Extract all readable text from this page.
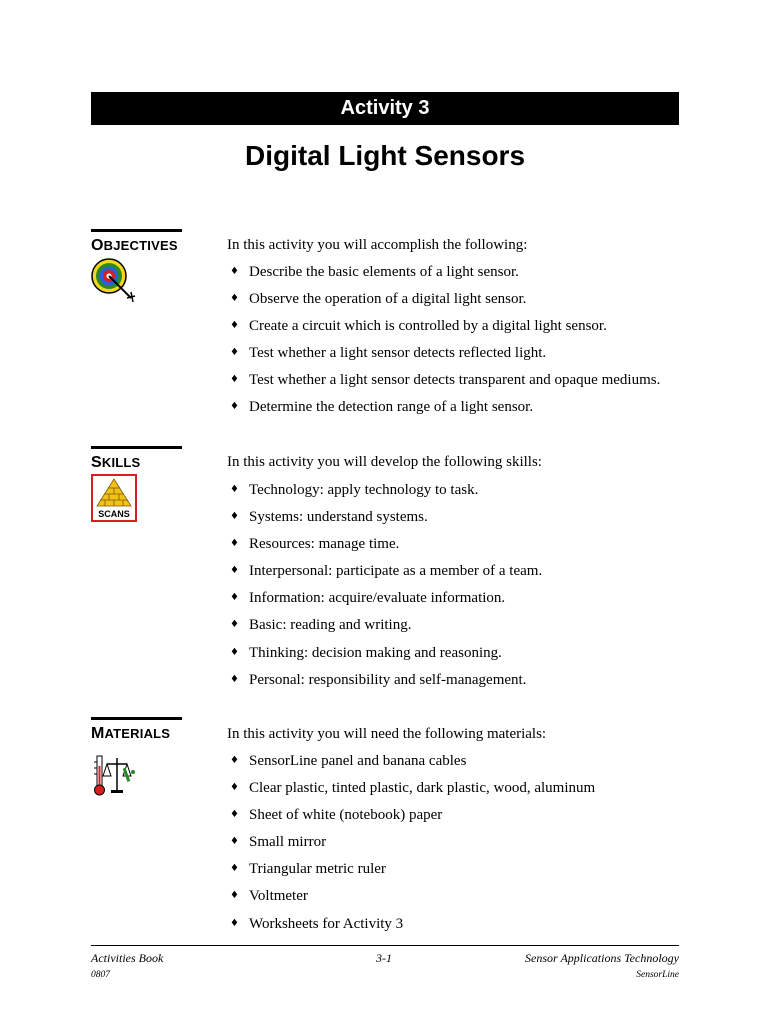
Activity 3
Digital Light Sensors
OBJECTIVES	In this activity you will accomplish the following:
♦ Describe the basic elements of a light sensor.
♦ Observe the operation of a digital light sensor.
♦ Create a circuit which is controlled by a digital light sensor.
♦ Test whether a light sensor detects reflected light.
♦ Test whether a light sensor detects transparent and opaque mediums.
♦ Determine the detection range of a light sensor.
SKILLS
SCANS
In this activity you will develop the following skills:
♦ Technology: apply technology to task.
♦ Systems: understand systems.
♦ Resources: manage time.
♦ Interpersonal: participate as a member of a team.
♦ Information: acquire/evaluate information.
♦ Basic: reading and writing.
♦ Thinking: decision making and reasoning.
♦ Personal: responsibility and self-management.
MATERIALS	In this activity you will need the following materials:
♦ SensorLine panel and banana cables
♦ Clear plastic, tinted plastic, dark plastic, wood, aluminum
♦ Sheet of white (notebook) paper
♦ Small mirror
♦ Triangular metric ruler
♦ Voltmeter
♦ Worksheets for Activity 3
Activities Book
0807
3-1	Sensor Applications Technology
SensorLine
